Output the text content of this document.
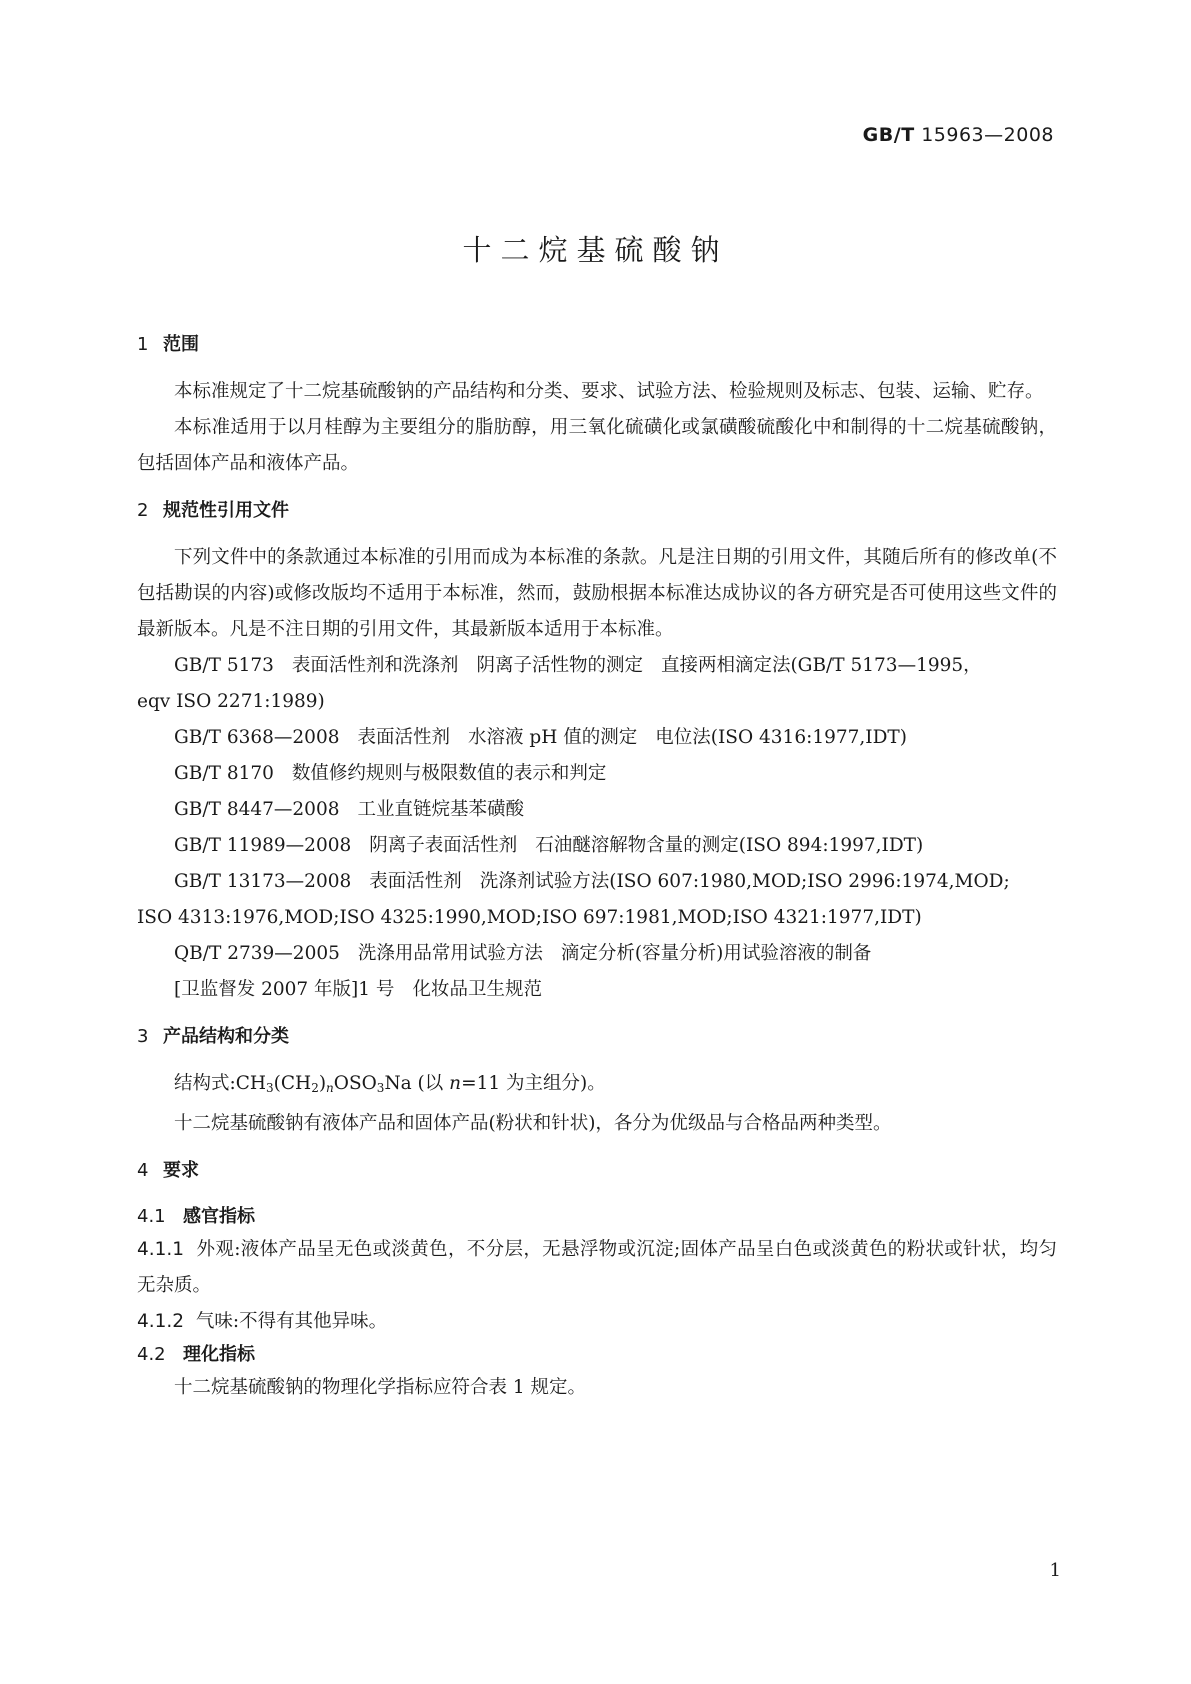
GB/T 15963—2008
十二烷基硫酸钠
1 范围
本标准规定了十二烷基硫酸钠的产品结构和分类、要求、试验方法、检验规则及标志、包装、运输、贮存。
本标准适用于以月桂醇为主要组分的脂肪醇，用三氧化硫磺化或氯磺酸硫酸化中和制得的十二烷基硫酸钠，包括固体产品和液体产品。
2 规范性引用文件
下列文件中的条款通过本标准的引用而成为本标准的条款。凡是注日期的引用文件，其随后所有的修改单(不包括勘误的内容)或修改版均不适用于本标准，然而，鼓励根据本标准达成协议的各方研究是否可使用这些文件的最新版本。凡是不注日期的引用文件，其最新版本适用于本标准。
GB/T 5173 表面活性剂和洗涤剂 阴离子活性物的测定 直接两相滴定法(GB/T 5173—1995，
eqv ISO 2271:1989)
GB/T 6368—2008 表面活性剂 水溶液 pH 值的测定 电位法(ISO 4316:1977,IDT)
GB/T 8170 数值修约规则与极限数值的表示和判定
GB/T 8447—2008 工业直链烷基苯磺酸
GB/T 11989—2008 阴离子表面活性剂 石油醚溶解物含量的测定(ISO 894:1997,IDT)
GB/T 13173—2008 表面活性剂 洗涤剂试验方法(ISO 607:1980,MOD;ISO 2996:1974,MOD;
ISO 4313:1976,MOD;ISO 4325:1990,MOD;ISO 697:1981,MOD;ISO 4321:1977,IDT)
QB/T 2739—2005 洗涤用品常用试验方法 滴定分析(容量分析)用试验溶液的制备
[卫监督发 2007 年版]1 号 化妆品卫生规范
3 产品结构和分类
结构式$:CH_3(CH_2)_nOSO_3Na$ (以 n=11 为主组分)。
十二烷基硫酸钠有液体产品和固体产品(粉状和针状)，各分为优级品与合格品两种类型。
4 要求
4.1 感官指标
4.1.1 外观:液体产品呈无色或淡黄色，不分层，无悬浮物或沉淀;固体产品呈白色或淡黄色的粉状或针状，均匀无杂质。
4.1.2 气味:不得有其他异味。
4.2 理化指标
十二烷基硫酸钠的物理化学指标应符合表 1 规定。
1
